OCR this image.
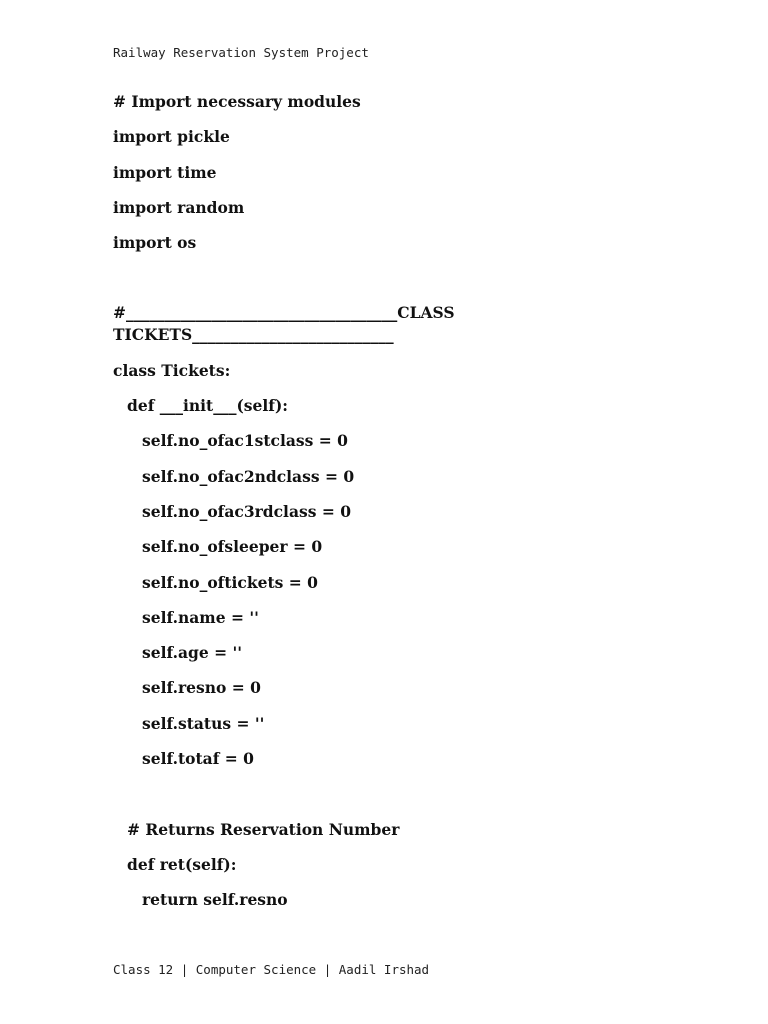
Railway Reservation System Project
# Import necessary modules
import pickle
import time
import random
import os
#___________________________________CLASS TICKETS__________________________
class Tickets:
def ___init___(self):
self.no_ofac1stclass = 0
self.no_ofac2ndclass = 0
self.no_ofac3rdclass = 0
self.no_ofsleeper = 0
self.no_oftickets = 0
self.name = ''
self.age = ''
self.resno = 0
self.status = ''
self.totaf = 0
# Returns Reservation Number
def ret(self):
return self.resno
Class 12 | Computer Science | Aadil Irshad
